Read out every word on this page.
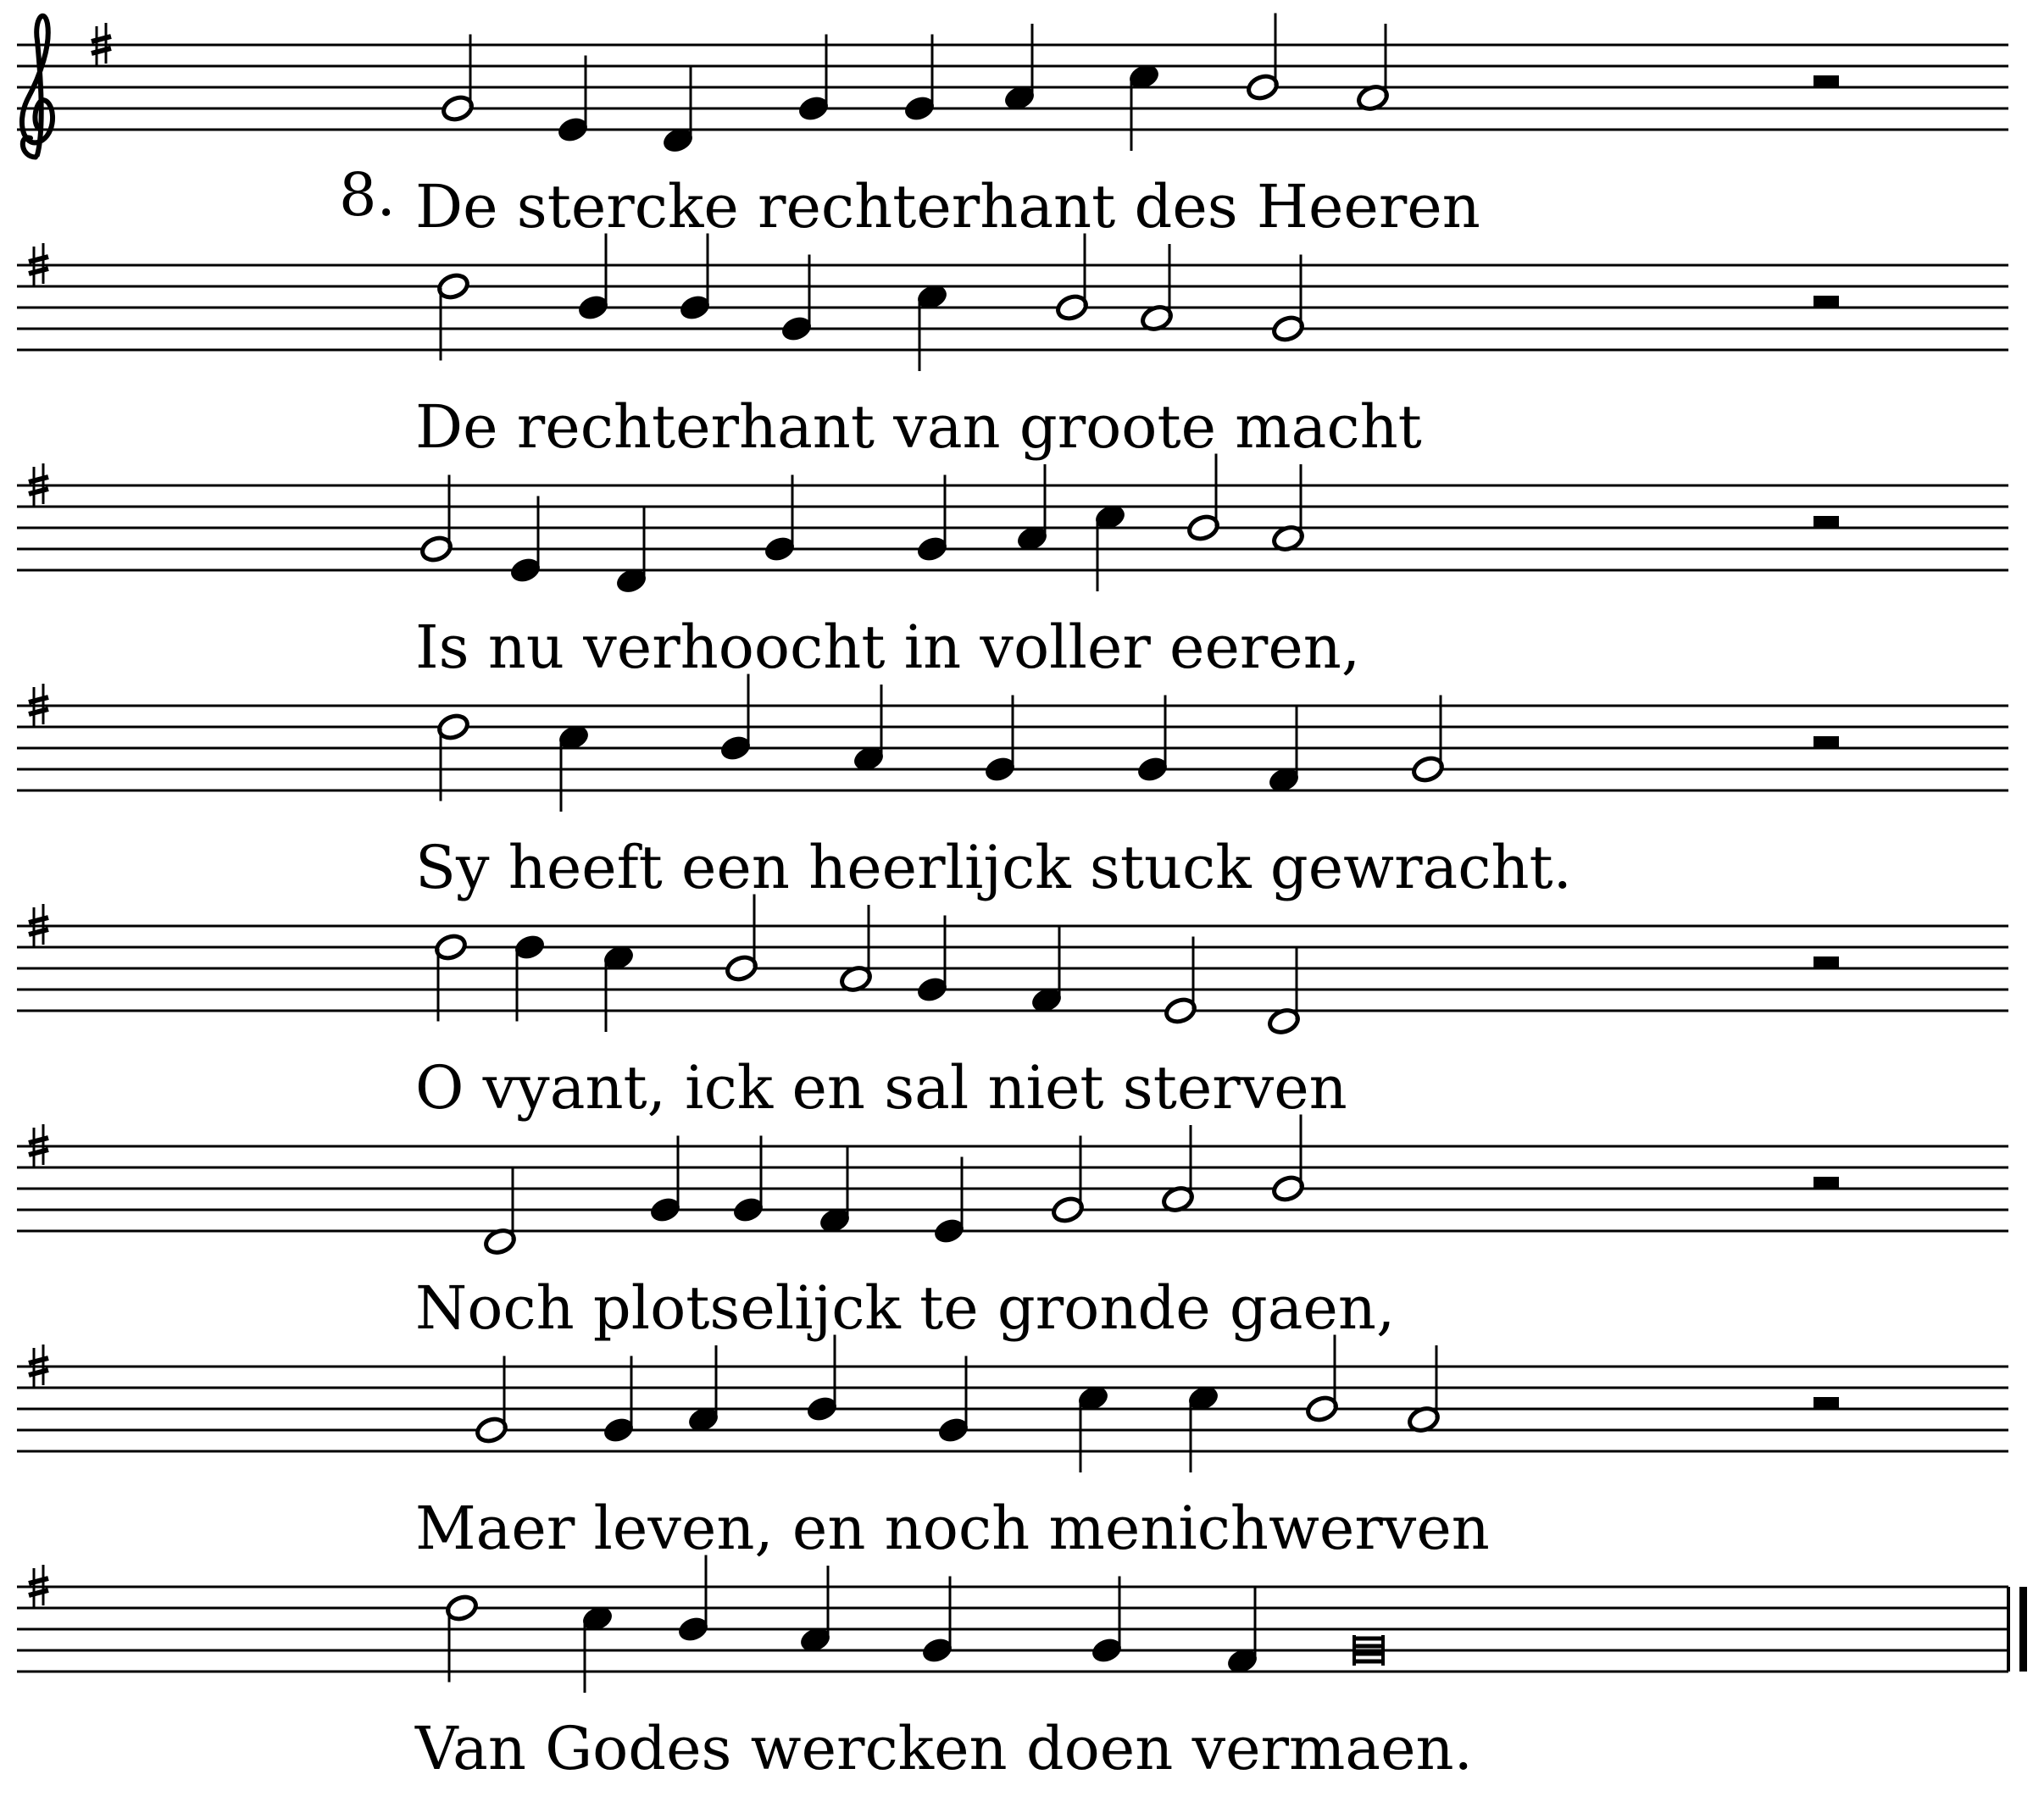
8. De stercke rechterhant des Heeren
De rechterhant van groote macht
Is nu verhoocht in voller eeren,
Sy heeft een heerlijck stuck gewracht.
O vyant, ick en sal niet sterven
Noch plotselijck te gronde gaen,
Maer leven, en noch menichwerven
Van Godes wercken doen vermaen.
